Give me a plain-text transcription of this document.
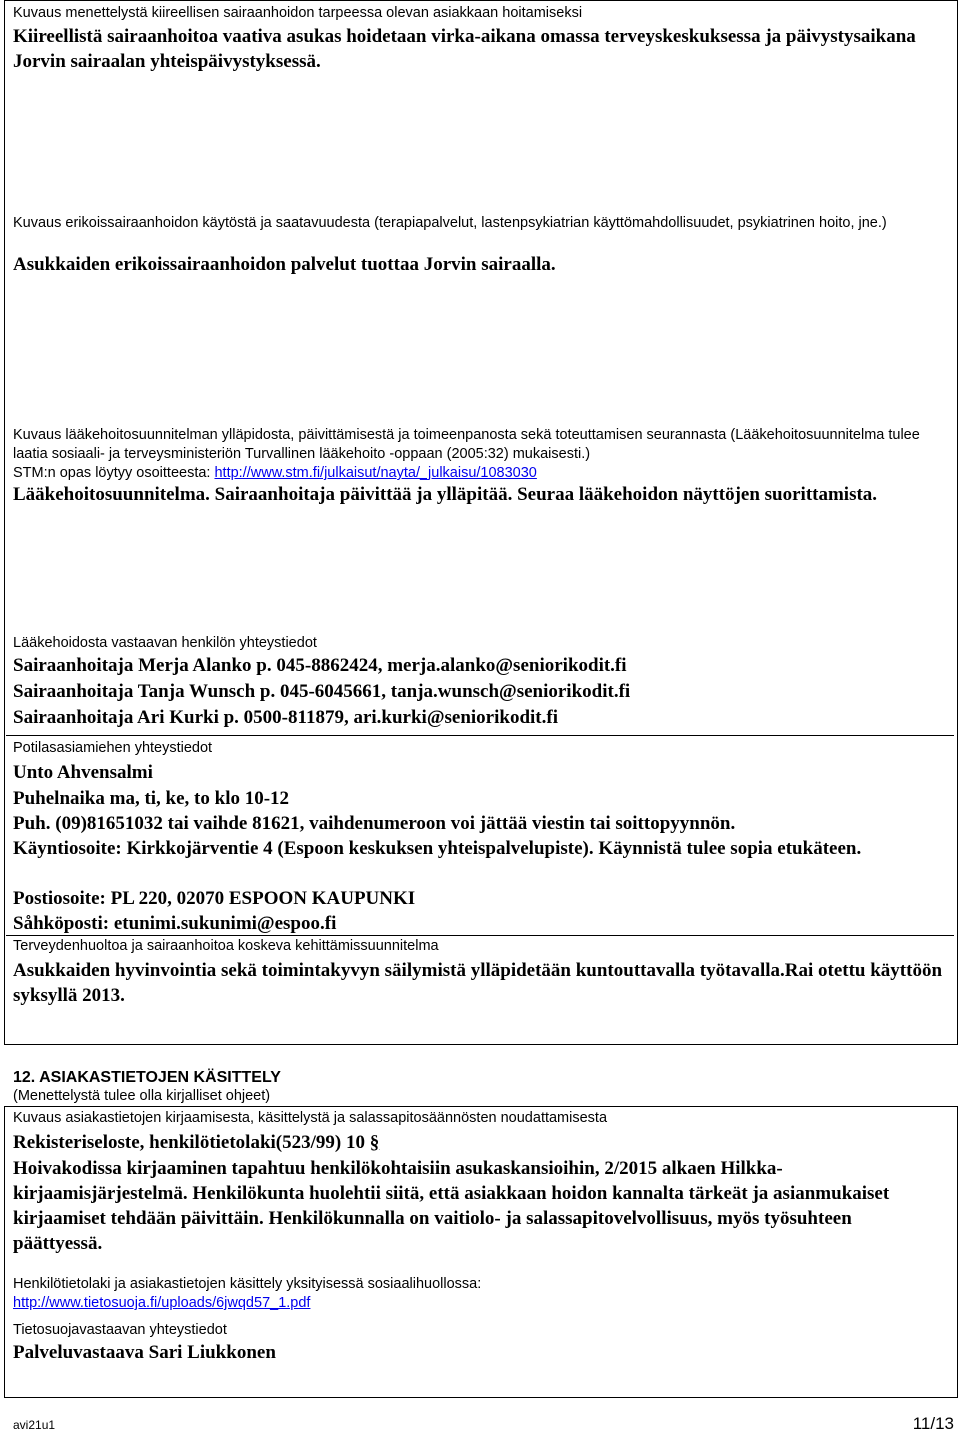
Kuvaus menettelystä kiireellisen sairaanhoidon tarpeessa olevan asiakkaan hoitamiseksi
Kiireellistä sairaanhoitoa vaativa asukas hoidetaan virka-aikana omassa terveyskeskuksessa ja päivystysaikana Jorvin sairaalan yhteispäivystyksessä.
Kuvaus erikoissairaanhoidon käytöstä ja saatavuudesta (terapiapalvelut, lastenpsykiatrian käyttömahdollisuudet, psykiatrinen hoito, jne.)
Asukkaiden erikoissairaanhoidon palvelut tuottaa Jorvin sairaalla.
Kuvaus lääkehoitosuunnitelman ylläpidosta, päivittämisestä ja toimeenpanosta sekä toteuttamisen seurannasta (Lääkehoitosuunnitelma tulee laatia sosiaali- ja terveysministeriön Turvallinen lääkehoito -oppaan (2005:32) mukaisesti.)
STM:n opas löytyy osoitteesta: http://www.stm.fi/julkaisut/nayta/_julkaisu/1083030
Lääkehoitosuunnitelma. Sairaanhoitaja päivittää ja ylläpitää. Seuraa lääkehoidon näyttöjen suorittamista.
Lääkehoidosta vastaavan henkilön yhteystiedot
Sairaanhoitaja Merja Alanko p. 045-8862424, merja.alanko@seniorikodit.fi
Sairaanhoitaja Tanja Wunsch p. 045-6045661, tanja.wunsch@seniorikodit.fi
Sairaanhoitaja Ari Kurki p. 0500-811879, ari.kurki@seniorikodit.fi
Potilasasiamiehen yhteystiedot
Unto Ahvensalmi
Puhelnaika ma, ti, ke, to klo 10-12
Puh. (09)81651032 tai vaihde 81621, vaihdenumeroon voi jättää viestin tai soittopyynnön.
Käyntiosoite: Kirkkojärventie 4 (Espoon keskuksen yhteispalvelupiste). Käynnistä tulee sopia etukäteen.
Postiosoite: PL 220, 02070 ESPOON KAUPUNKI
Såhköposti: etunimi.sukunimi@espoo.fi
Terveydenhuoltoa ja sairaanhoitoa koskeva kehittämissuunnitelma
Asukkaiden hyvinvointia sekä toimintakyvyn säilymistä ylläpidetään kuntouttavalla työtavalla.Rai otettu käyttöön syksyllä 2013.
12. ASIAKASTIETOJEN KÄSITTELY
(Menettelystä tulee olla kirjalliset ohjeet)
Kuvaus asiakastietojen kirjaamisesta, käsittelystä ja salassapitosäännösten noudattamisesta
Rekisteriseloste, henkilötietolaki(523/99) 10 §
Hoivakodissa kirjaaminen tapahtuu henkilökohtaisiin asukaskansioihin, 2/2015 alkaen Hilkka-kirjaamisjärjestelmä. Henkilökunta huolehtii siitä, että asiakkaan hoidon kannalta tärkeät ja asianmukaiset kirjaamiset tehdään päivittäin. Henkilökunnalla on vaitiolo- ja salassapitovelvollisuus, myös työsuhteen päättyessä.
Henkilötietolaki ja asiakastietojen käsittely yksityisessä sosiaalihuollossa:
http://www.tietosuoja.fi/uploads/6jwqd57_1.pdf
Tietosuojavastaavan yhteystiedot
Palveluvastaava Sari Liukkonen
avi21u1	11/13
